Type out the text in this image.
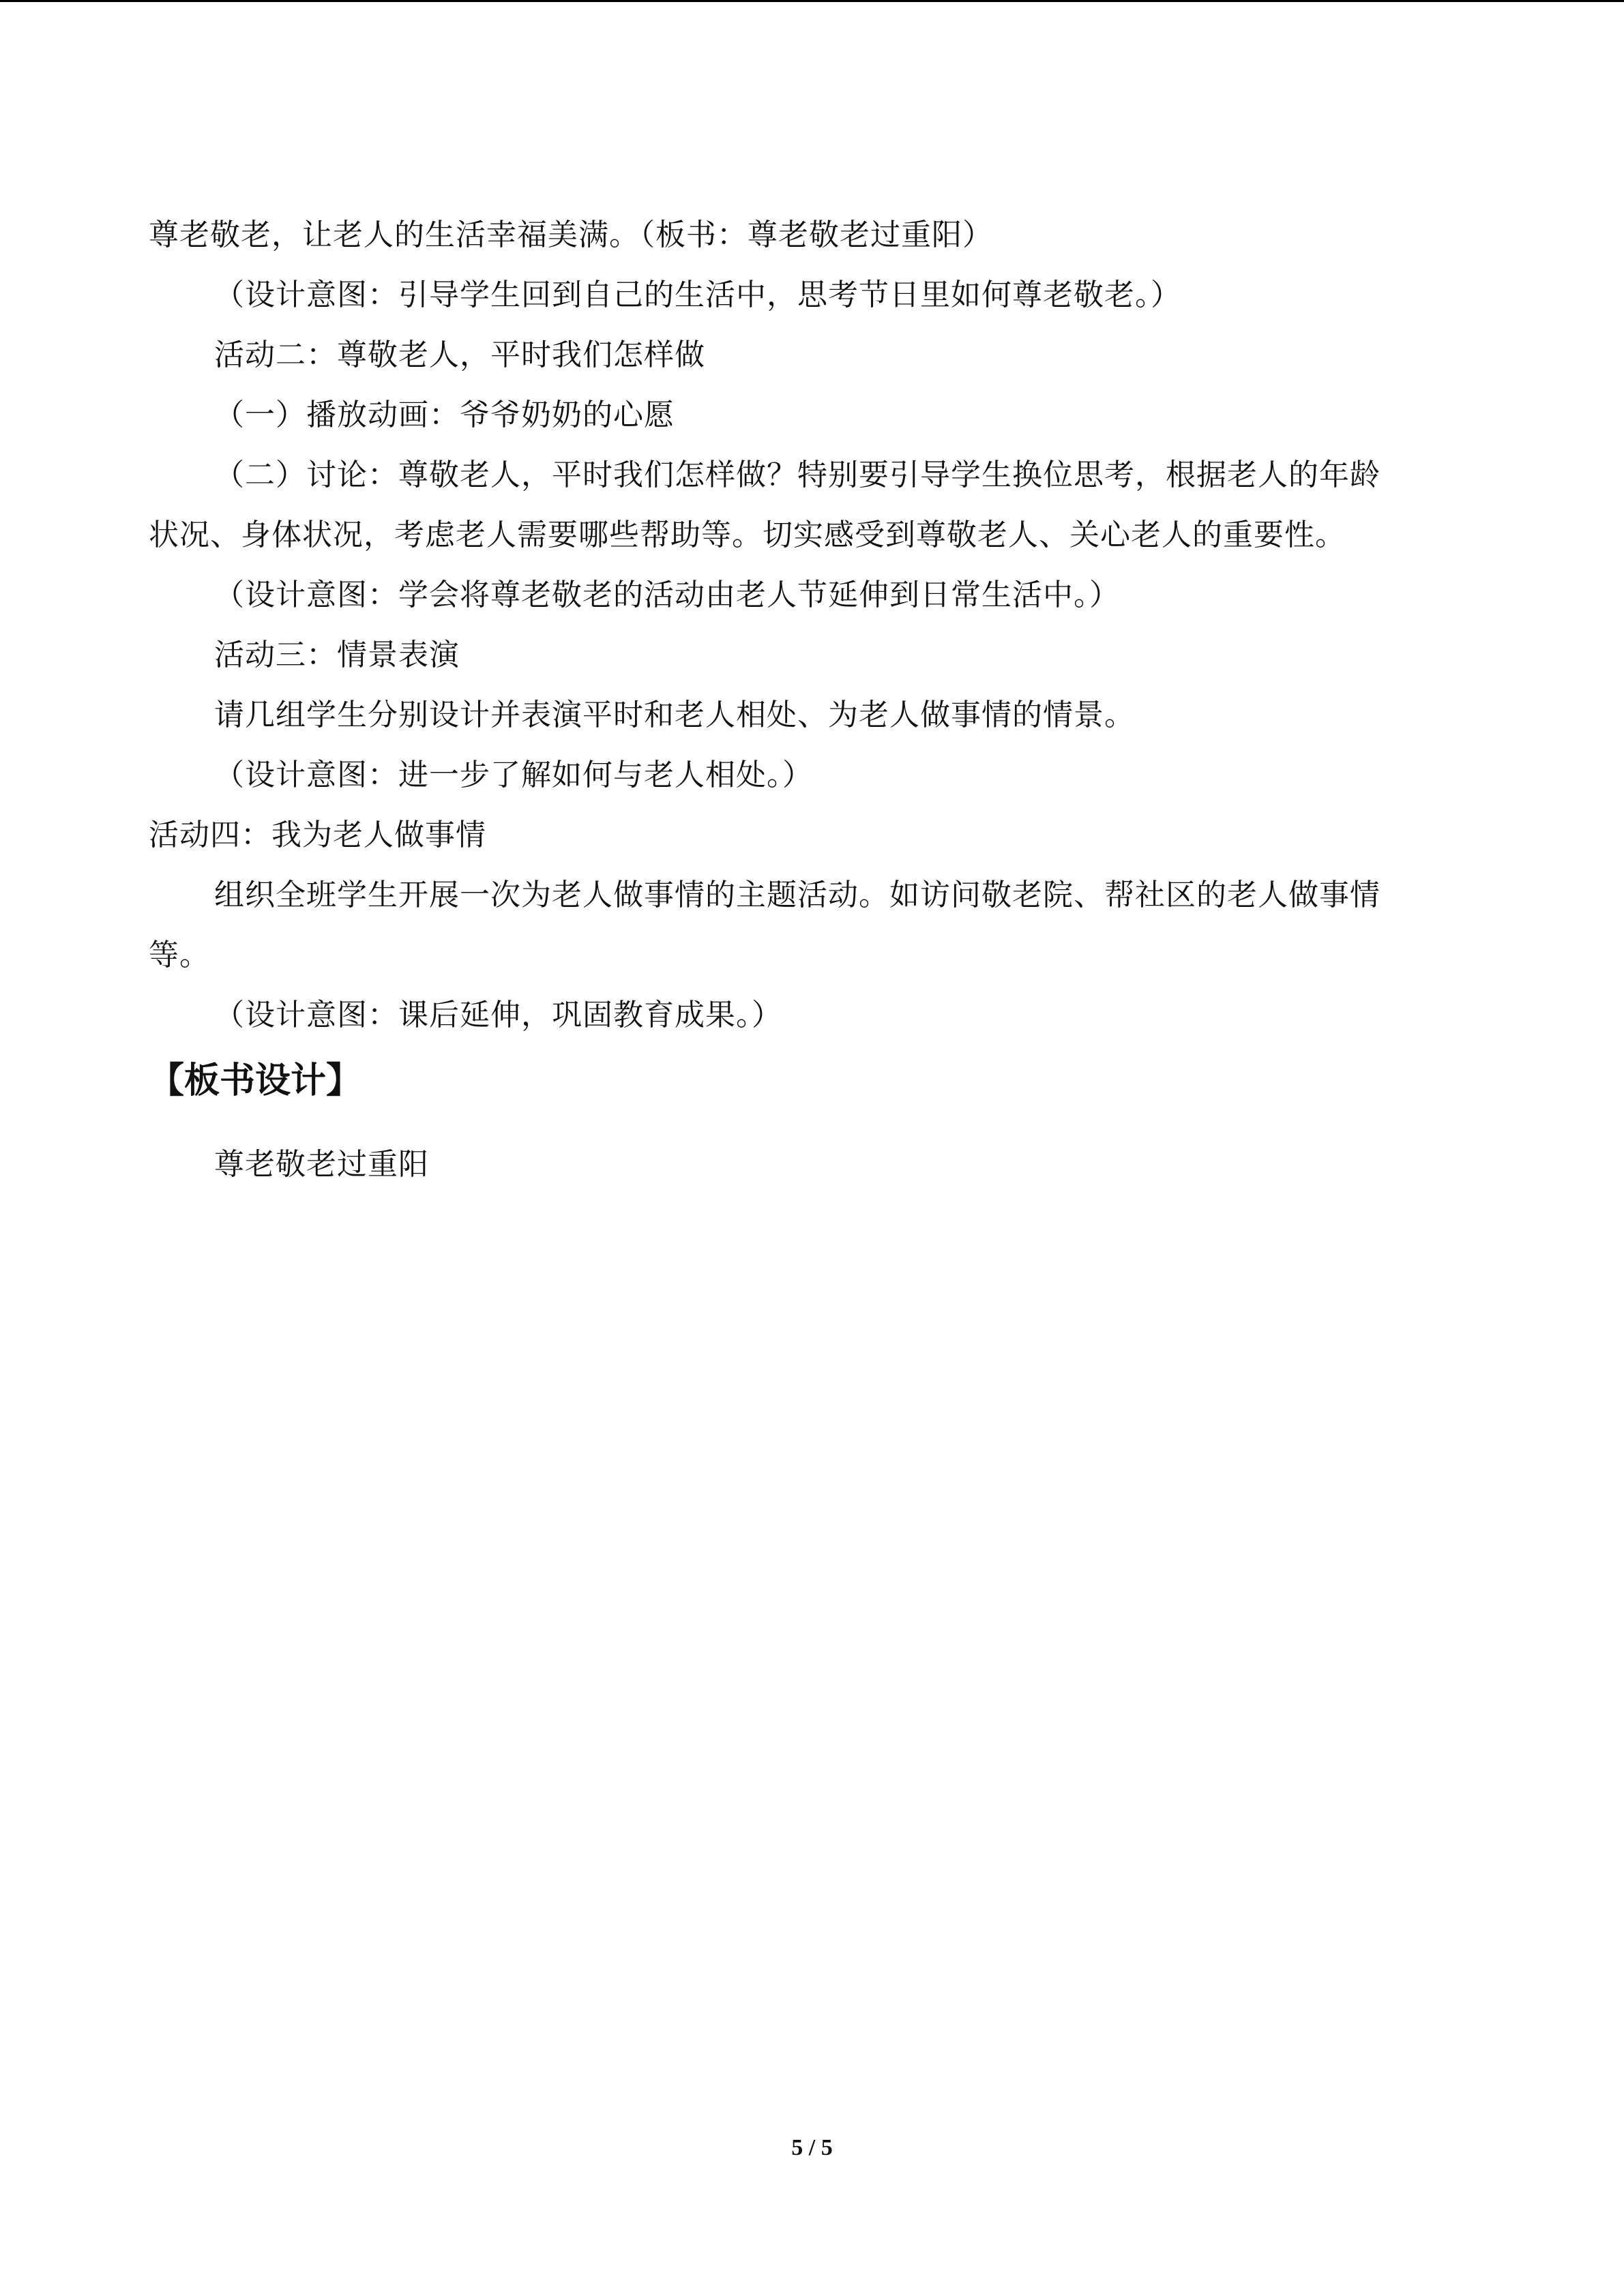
尊老敬老，让老人的生活幸福美满。（板书：尊老敬老过重阳）
（设计意图：引导学生回到自己的生活中，思考节日里如何尊老敬老。）
活动二：尊敬老人，平时我们怎样做
（一）播放动画：爷爷奶奶的心愿
（二）讨论：尊敬老人，平时我们怎样做？特别要引导学生换位思考，根据老人的年龄
状况、身体状况，考虑老人需要哪些帮助等。切实感受到尊敬老人、关心老人的重要性。
（设计意图：学会将尊老敬老的活动由老人节延伸到日常生活中。）
活动三：情景表演
请几组学生分别设计并表演平时和老人相处、为老人做事情的情景。
（设计意图：进一步了解如何与老人相处。）
活动四：我为老人做事情
组织全班学生开展一次为老人做事情的主题活动。如访问敬老院、帮社区的老人做事情
等。
（设计意图：课后延伸，巩固教育成果。）
【板书设计】
尊老敬老过重阳
5 / 5
